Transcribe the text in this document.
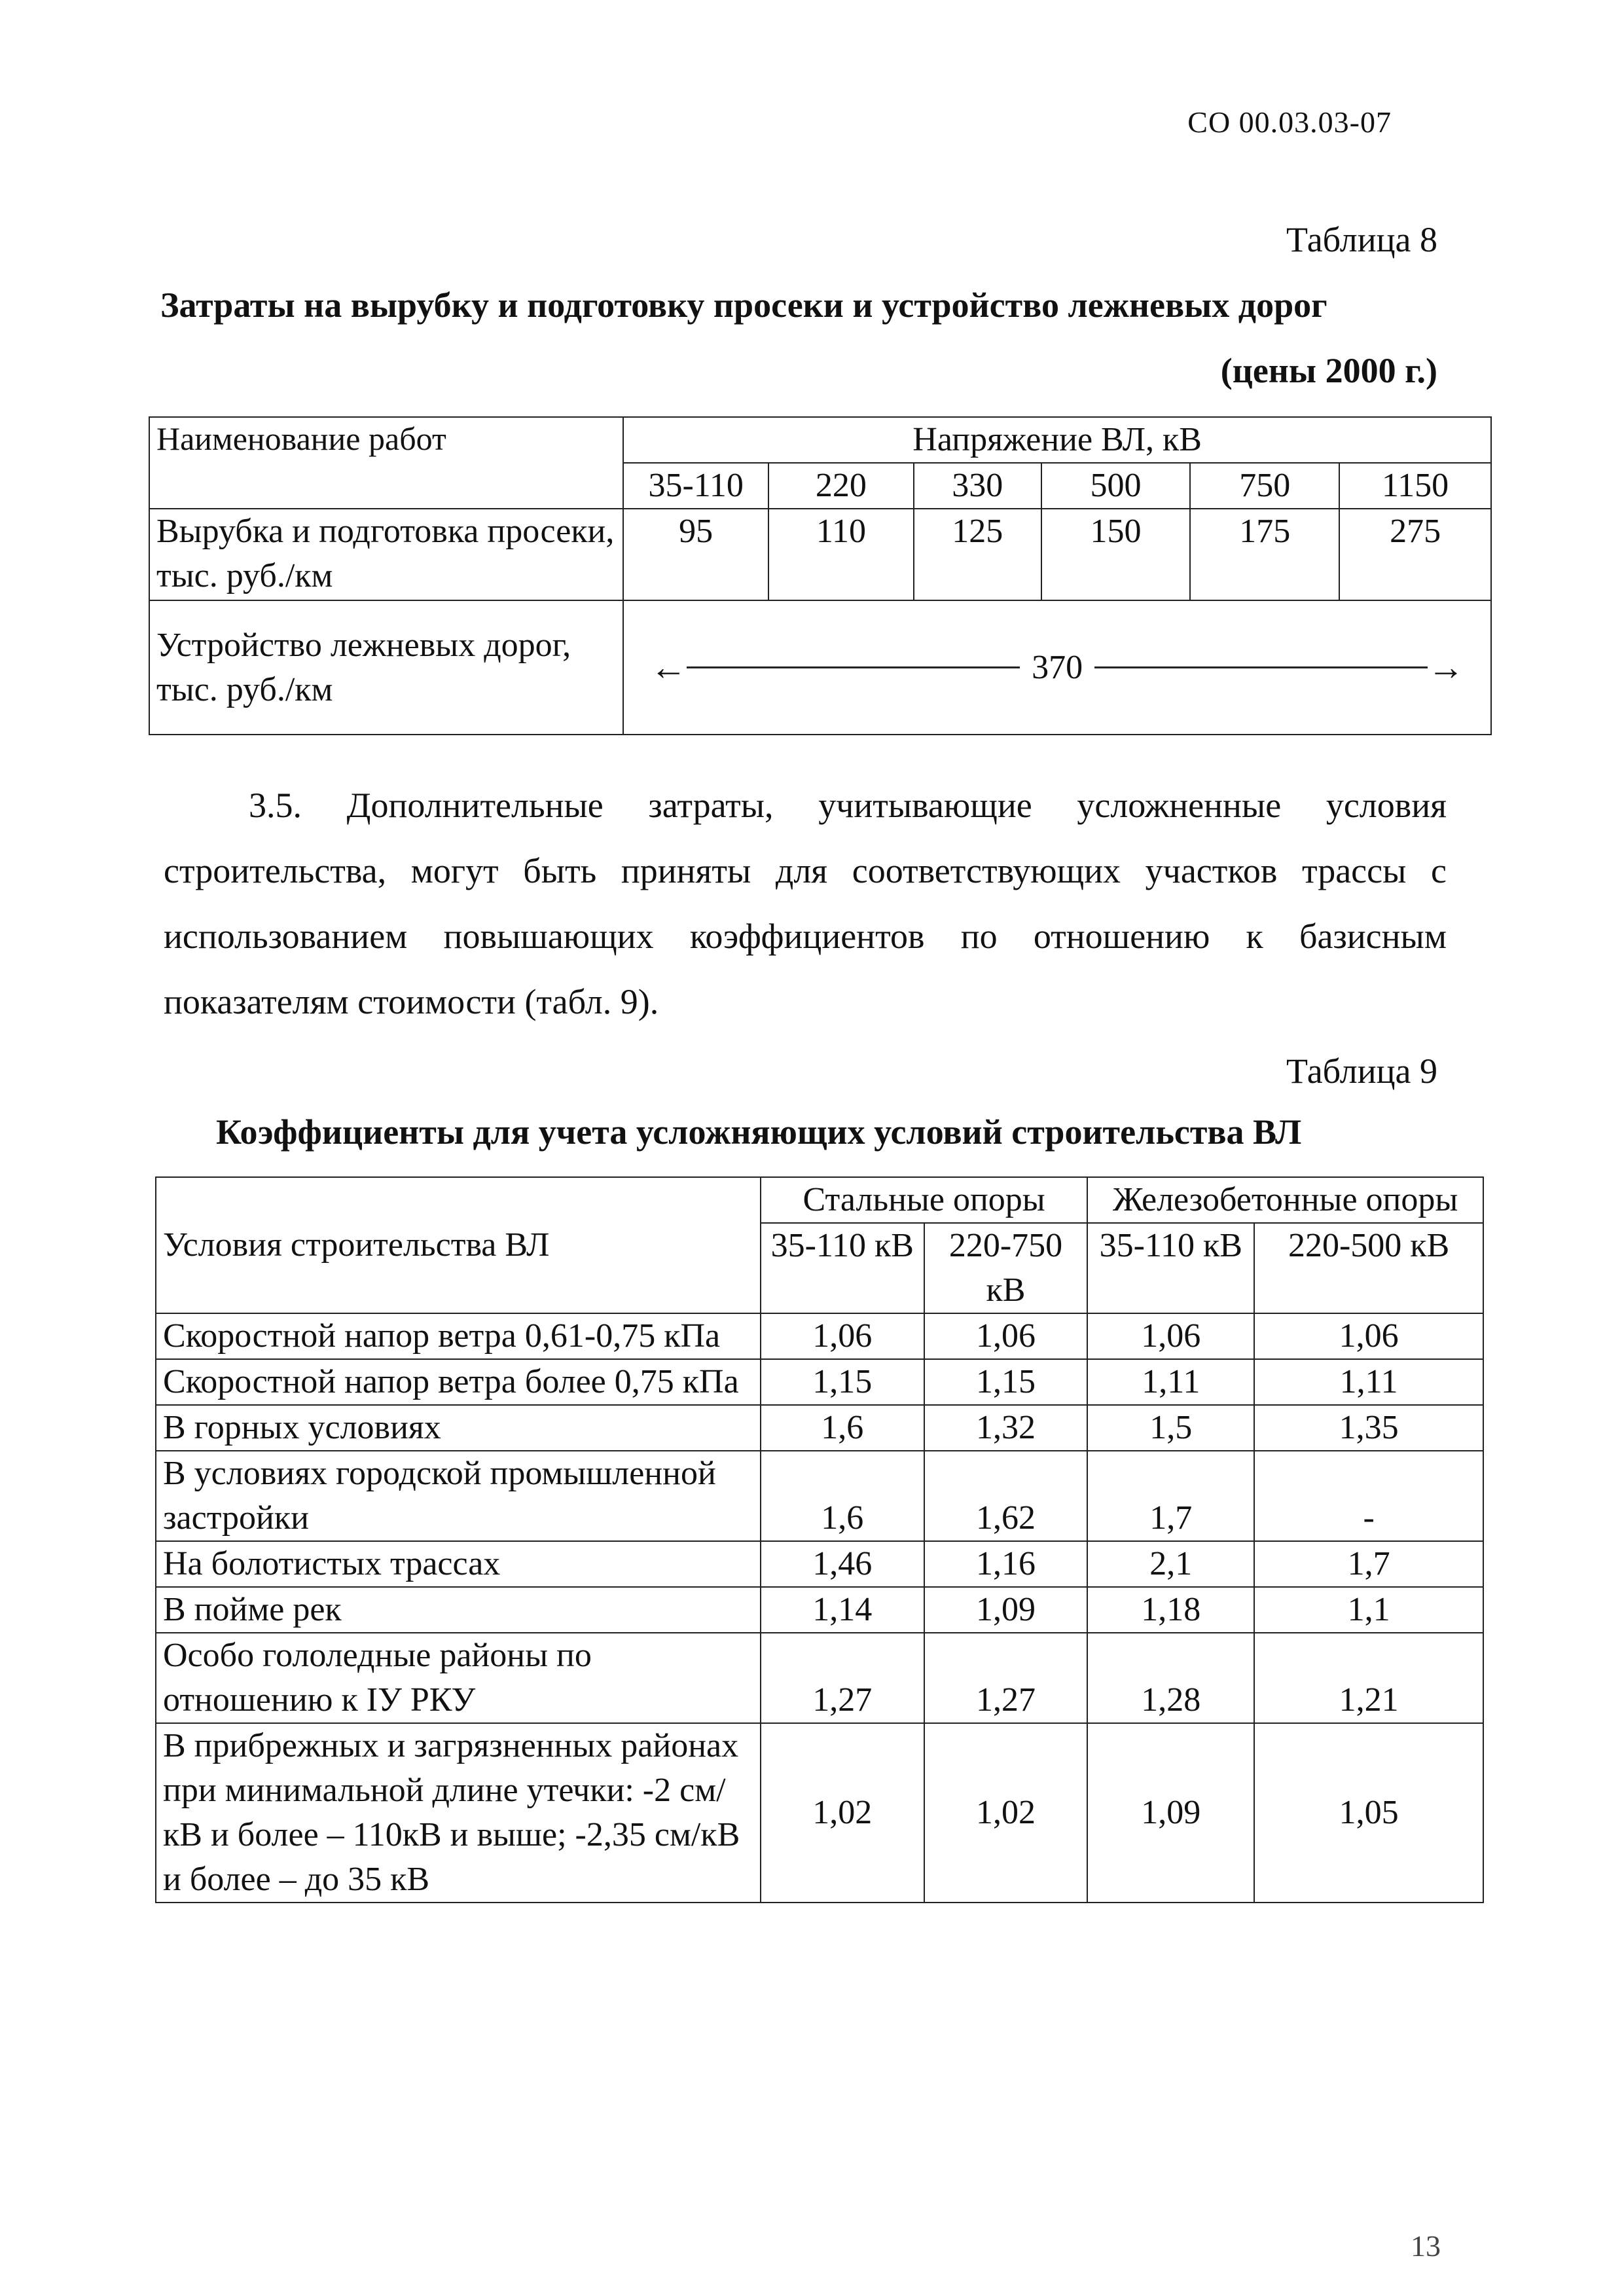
СО 00.03.03-07
Таблица 8
Затраты на вырубку и подготовку просеки и устройство лежневых дорог
(цены 2000 г.)
Наименование работ	Напряжение ВЛ, кВ					
	35-110	220	330	500	750	1150
Вырубка и подготовка просеки, тыс. руб./км	95	110	125	150	175	275
Устройство лежневых дорог, тыс. руб./км	← 370 →					
3.5. Дополнительные затраты, учитывающие усложненные условия строительства, могут быть приняты для соответствующих участков трассы с использованием повышающих коэффициентов по отношению к базисным показателям стоимости (табл. 9).
Таблица 9
Коэффициенты для учета усложняющих условий строительства ВЛ
Условия строительства ВЛ	Стальные опоры		Железобетонные опоры	
	35-110 кВ	220-750 кВ	35-110 кВ	220-500 кВ
Скоростной напор ветра 0,61-0,75 кПа	1,06	1,06	1,06	1,06
Скоростной напор ветра более 0,75 кПа	1,15	1,15	1,11	1,11
В горных условиях	1,6	1,32	1,5	1,35
В условиях городской промышленной застройки	1,6	1,62	1,7	-
На болотистых трассах	1,46	1,16	2,1	1,7
В пойме рек	1,14	1,09	1,18	1,1
Особо гололедные районы по отношению к IУ РКУ	1,27	1,27	1,28	1,21
В прибрежных и загрязненных районах при минимальной длине утечки: -2 см/кВ и более – 110кВ и выше; -2,35 см/кВ и более – до 35 кВ	1,02	1,02	1,09	1,05
13
